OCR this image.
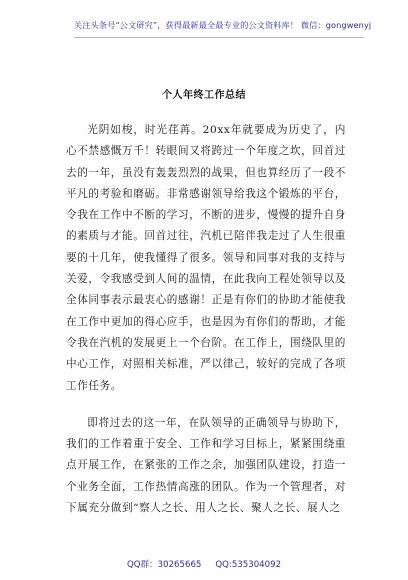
关注头条号“公文研究”，获得最新最全最专业的公文资料库！ 微信：gongwenyj
个人年终工作总结

光阴如梭，时光荏苒。20xx年就要成为历史了，内心不禁感慨万千！转眼间又将跨过一个年度之坎，回首过去的一年，虽没有轰轰烈烈的战果，但也算经历了一段不平凡的考验和磨砺。非常感谢领导给我这个锻炼的平台，令我在工作中不断的学习，不断的进步，慢慢的提升自身的素质与才能。回首过往，汽机已陪伴我走过了人生很重要的十几年，使我懂得了很多。领导和同事对我的支持与关爱，令我感受到人间的温情，在此我向工程处领导以及全体同事表示最衷心的感谢！正是有你们的协助才能使我在工作中更加的得心应手，也是因为有你们的帮助，才能令我在汽机的发展更上一个台阶。在工作上，围绕队里的中心工作，对照相关标准，严以律己，较好的完成了各项工作任务。

即将过去的这一年，在队领导的正确领导与协助下，我们的工作着重于安全、工作和学习目标上，紧紧围绕重点开展工作，在紧张的工作之余，加强团队建设，打造一个业务全面，工作热情高涨的团队。作为一个管理者，对下属充分做到“察人之长、用人之长、聚人之长、展人之

QQ群：30265665 QQ:535304092
